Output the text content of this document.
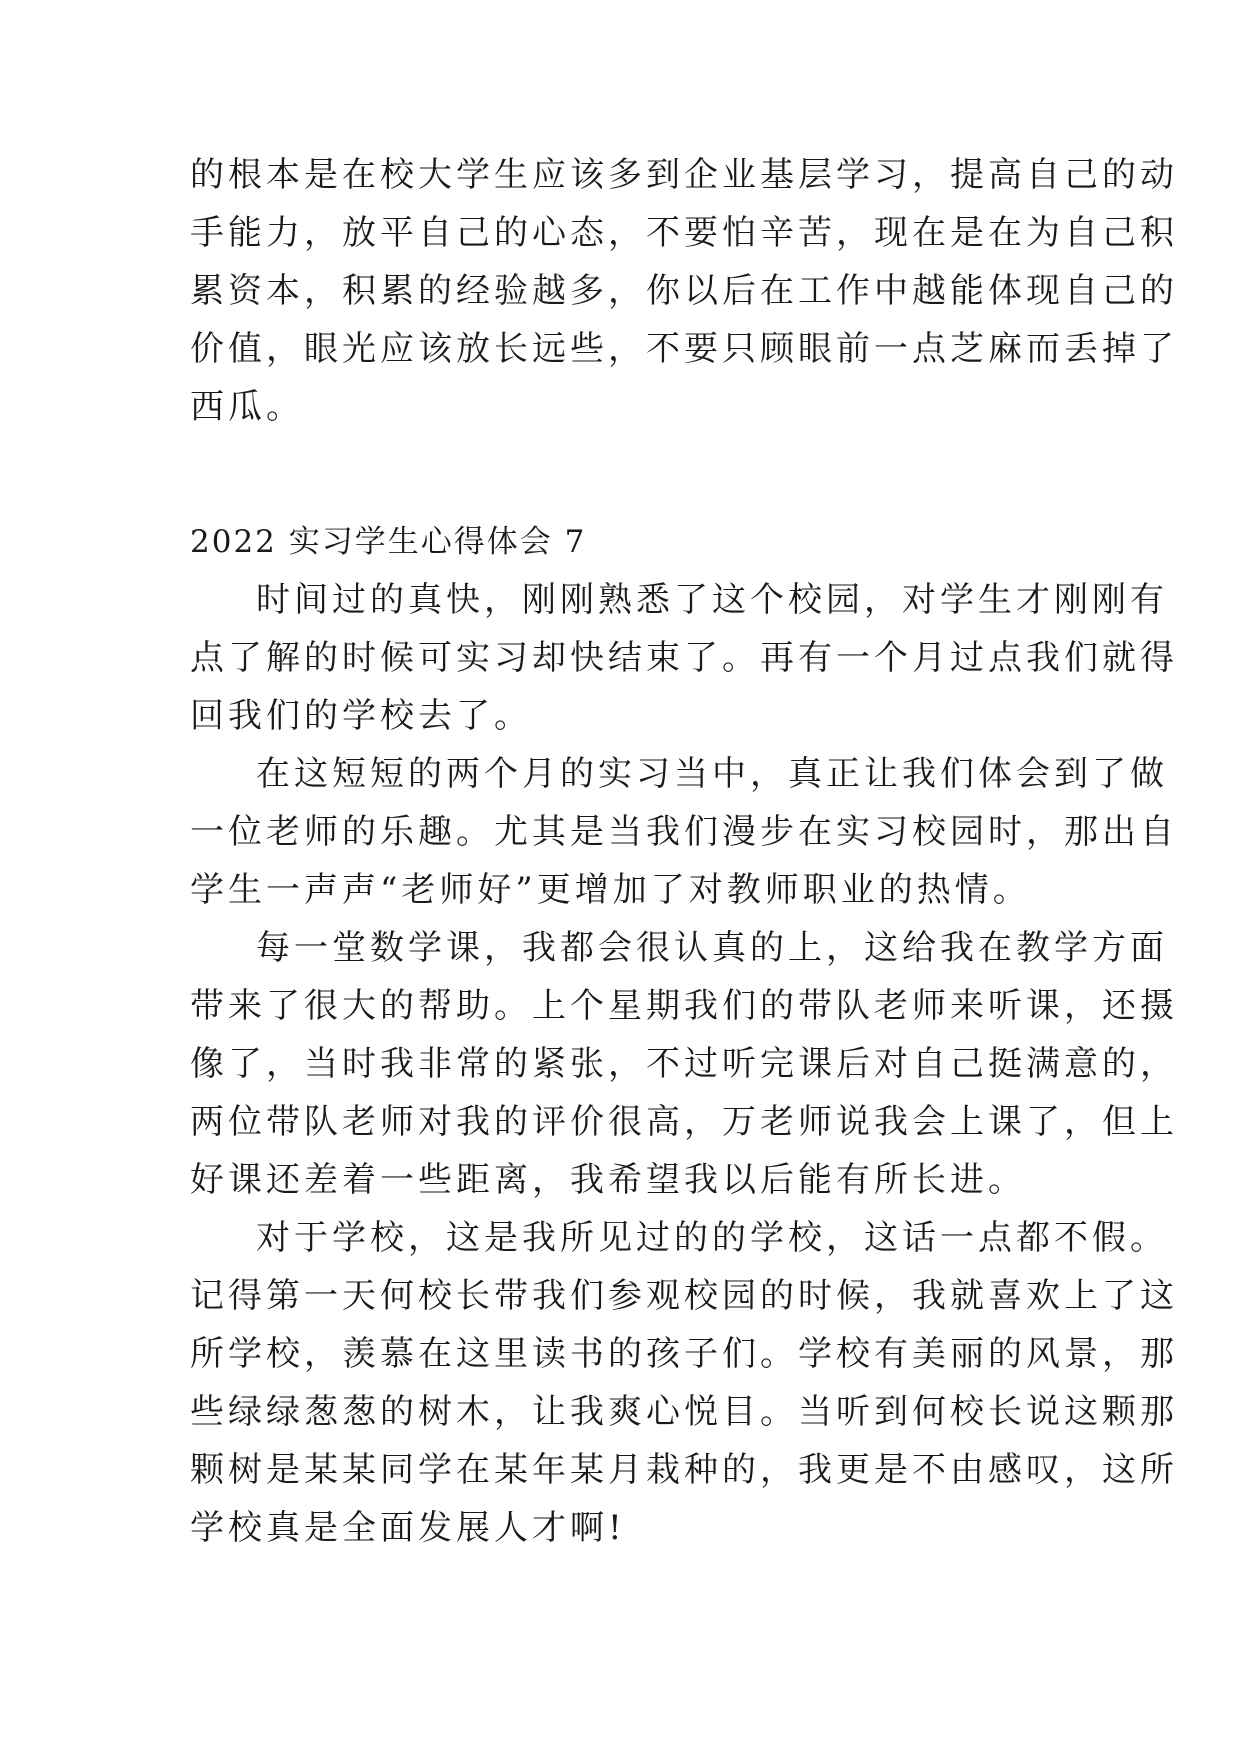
的根本是在校大学生应该多到企业基层学习，提高自己的动
手能力，放平自己的心态，不要怕辛苦，现在是在为自己积
累资本，积累的经验越多，你以后在工作中越能体现自己的
价值，眼光应该放长远些，不要只顾眼前一点芝麻而丢掉了
西瓜。
2022 实习学生心得体会 7
时间过的真快，刚刚熟悉了这个校园，对学生才刚刚有
点了解的时候可实习却快结束了。再有一个月过点我们就得
回我们的学校去了。
在这短短的两个月的实习当中，真正让我们体会到了做
一位老师的乐趣。尤其是当我们漫步在实习校园时，那出自
学生一声声“老师好”更增加了对教师职业的热情。
每一堂数学课，我都会很认真的上，这给我在教学方面
带来了很大的帮助。上个星期我们的带队老师来听课，还摄
像了，当时我非常的紧张，不过听完课后对自己挺满意的，
两位带队老师对我的评价很高，万老师说我会上课了，但上
好课还差着一些距离，我希望我以后能有所长进。
对于学校，这是我所见过的的学校，这话一点都不假。
记得第一天何校长带我们参观校园的时候，我就喜欢上了这
所学校，羡慕在这里读书的孩子们。学校有美丽的风景，那
些绿绿葱葱的树木，让我爽心悦目。当听到何校长说这颗那
颗树是某某同学在某年某月栽种的，我更是不由感叹，这所
学校真是全面发展人才啊!
